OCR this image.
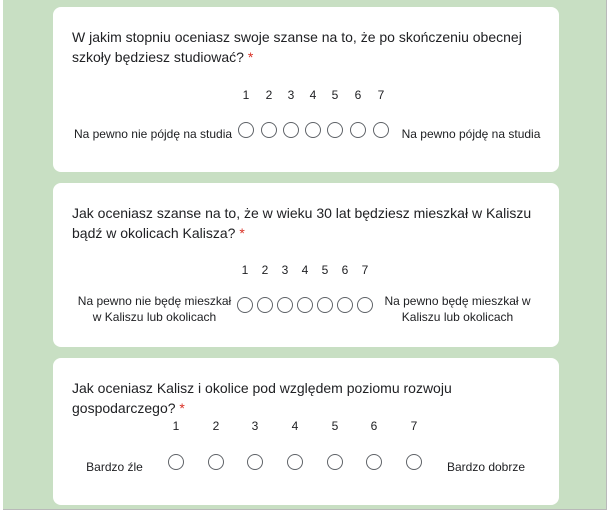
W jakim stopniu oceniasz swoje szanse na to, że po skończeniu obecnej szkoły będziesz studiować? *

1	2	3	4	5	6	7
Na pewno nie pójdę na studia	Na pewno pójdę na studia

Jak oceniasz szanse na to, że w wieku 30 lat będziesz mieszkał w Kaliszu bądź w okolicach Kalisza? *

1	2	3	4	5	6	7
Na pewno nie będę mieszkał w Kaliszu lub okolicach
Na pewno będę mieszkał w Kaliszu lub okolicach

Jak oceniasz Kalisz i okolice pod względem poziomu rozwoju gospodarczego? *

1	2	3	4	5	6	7
Bardzo źle	Bardzo dobrze
